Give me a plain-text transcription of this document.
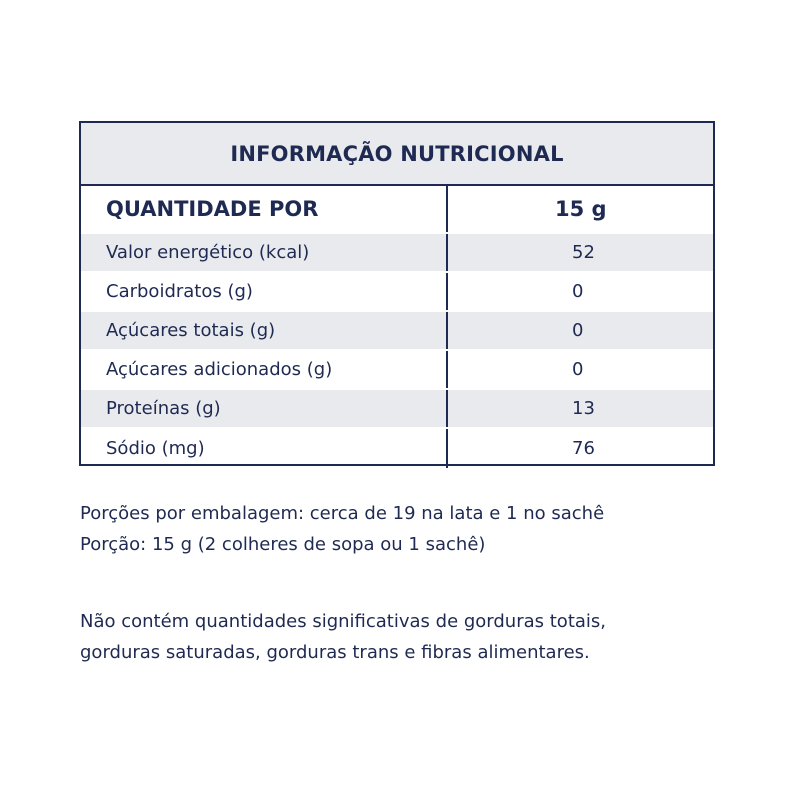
INFORMAÇÃO NUTRICIONAL
QUANTIDADE POR	15 g
Valor energético (kcal)	52
Carboidratos (g)	0
Açúcares totais (g)	0
Açúcares adicionados (g)	0
Proteínas (g)	13
Sódio (mg)	76

Porções por embalagem: cerca de 19 na lata e 1 no sachê

Porção: 15 g (2 colheres de sopa ou 1 sachê)

Não contém quantidades significativas de gorduras totais,

gorduras saturadas, gorduras trans e fibras alimentares.
